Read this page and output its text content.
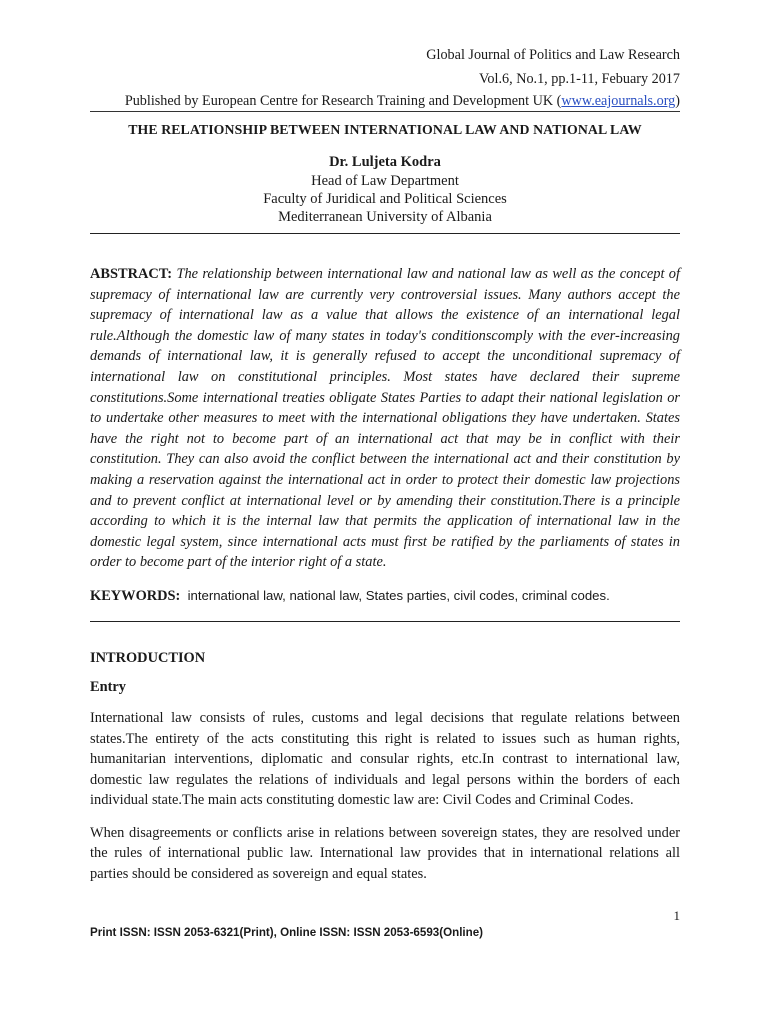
Global Journal of Politics and Law Research
Vol.6, No.1, pp.1-11, Febuary 2017
Published by European Centre for Research Training and Development UK (www.eajournals.org)
THE RELATIONSHIP BETWEEN INTERNATIONAL LAW AND NATIONAL LAW
Dr. Luljeta Kodra
Head of Law Department
Faculty of Juridical and Political Sciences
Mediterranean University of Albania
ABSTRACT: The relationship between international law and national law as well as the concept of supremacy of international law are currently very controversial issues. Many authors accept the supremacy of international law as a value that allows the existence of an international legal rule.Although the domestic law of many states in today's conditionscomply with the ever-increasing demands of international law, it is generally refused to accept the unconditional supremacy of international law on constitutional principles. Most states have declared their supreme constitutions.Some international treaties obligate States Parties to adapt their national legislation or to undertake other measures to meet with the international obligations they have undertaken. States have the right not to become part of an international act that may be in conflict with their constitution. They can also avoid the conflict between the international act and their constitution by making a reservation against the international act in order to protect their domestic law projections and to prevent conflict at international level or by amending their constitution.There is a principle according to which it is the internal law that permits the application of international law in the domestic legal system, since international acts must first be ratified by the parliaments of states in order to become part of the interior right of a state.
KEYWORDS: international law, national law, States parties, civil codes, criminal codes.
INTRODUCTION
Entry
International law consists of rules, customs and legal decisions that regulate relations between states.The entirety of the acts constituting this right is related to issues such as human rights, humanitarian interventions, diplomatic and consular rights, etc.In contrast to international law, domestic law regulates the relations of individuals and legal persons within the borders of each individual state.The main acts constituting domestic law are: Civil Codes and Criminal Codes.
When disagreements or conflicts arise in relations between sovereign states, they are resolved under the rules of international public law. International law provides that in international relations all parties should be considered as sovereign and equal states.
1
Print ISSN: ISSN 2053-6321(Print), Online ISSN: ISSN 2053-6593(Online)
